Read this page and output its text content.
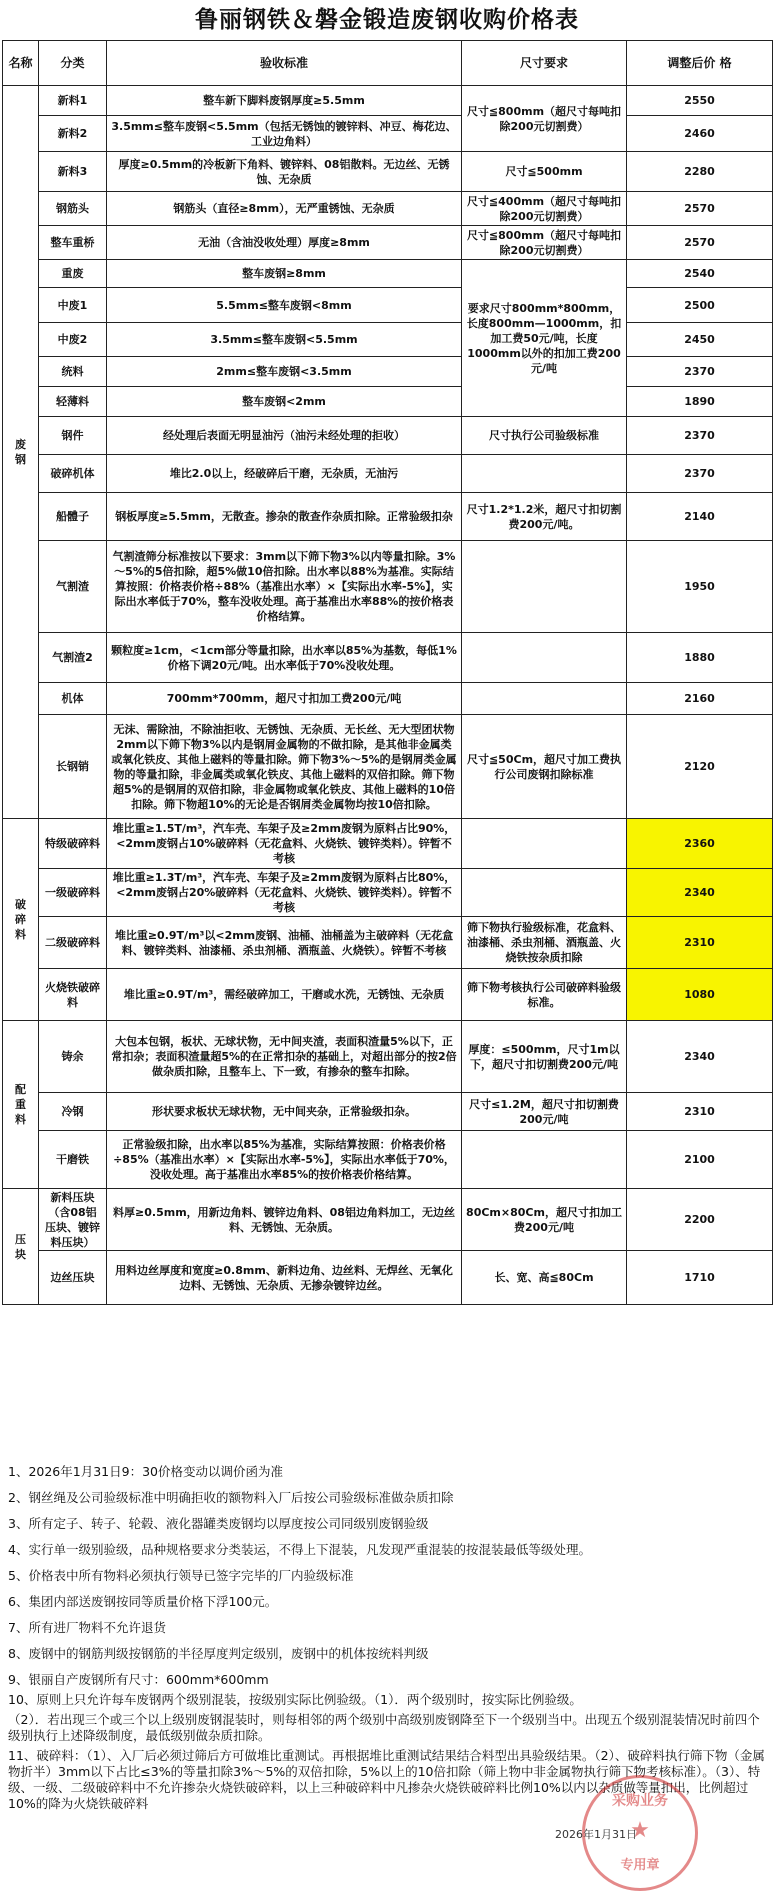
鲁丽钢铁＆磐金锻造废钢收购价格表
名称	分类	验收标准	尺寸要求	调整后价 格

废
钢	新料1	整车新下脚料废钢厚度≥5.5mm	尺寸≦800mm（超尺寸每吨扣除200元切割费）	2550
	新料2	3.5mm≤整车废钢<5.5mm（包括无锈蚀的镀锌料、冲豆、梅花边、工业边角料）		2460
	新料3	厚度≥0.5mm的冷板新下角料、镀锌料、08铝散料。无边丝、无锈蚀、无杂质	尺寸≦500mm	2280
	钢筋头	钢筋头（直径≥8mm），无严重锈蚀、无杂质	尺寸≦400mm（超尺寸每吨扣除200元切割费）	2570
	整车重桥	无油（含油没收处理）厚度≥8mm	尺寸≦800mm（超尺寸每吨扣除200元切割费）	2570
	重废	整车废钢≥8mm	要求尺寸800mm*800mm，长度800mm—1000mm，扣加工费50元/吨，长度1000mm以外的扣加工费200元/吨	2540
	中废1	5.5mm≤整车废钢<8mm		2500
	中废2	3.5mm≤整车废钢<5.5mm		2450
	统料	2mm≤整车废钢<3.5mm		2370
	轻薄料	整车废钢<2mm		1890
	钢件	经处理后表面无明显油污（油污未经处理的拒收）	尺寸执行公司验级标准	2370
	破碎机体	堆比2.0以上，经破碎后干磨，无杂质，无油污		2370
	船體子	钢板厚度≥5.5mm，无散查。掺杂的散查作杂质扣除。正常验级扣杂	尺寸1.2*1.2米，超尺寸扣切割费200元/吨。	2140
	气割渣	气割渣筛分标准按以下要求：3mm以下筛下物3%以内等量扣除。3%～5%的5倍扣除，超5%做10倍扣除。出水率以88%为基准。实际结算按照：价格表价格÷88%（基准出水率）×【实际出水率-5%】，实际出水率低于70%，整车没收处理。高于基准出水率88%的按价格表价格结算。		1950
	气割渣2	颗粒度≥1cm，<1cm部分等量扣除，出水率以85%为基数，每低1%价格下调20元/吨。出水率低于70%没收处理。		1880
	机体	700mm*700mm，超尺寸扣加工费200元/吨		2160
	长钢销	无沫、需除油，不除油拒收、无锈蚀、无杂质、无长丝、无大型团状物2mm以下筛下物3%以内是钢屑金属物的不做扣除，是其他非金属类或氧化铁皮、其他上磁料的等量扣除。筛下物3%～5%的是钢屑类金属物的等量扣除，非金属类或氧化铁皮、其他上磁料的双倍扣除。筛下物超5%的是钢屑的双倍扣除，非金属物或氧化铁皮、其他上磁料的10倍扣除。筛下物超10%的无论是否钢屑类金属物均按10倍扣除。	尺寸≦50Cm，超尺寸加工费执行公司废钢扣除标准	2120

破
碎
料	特级破碎料	堆比重≥1.5T/m³，汽车壳、车架子及≥2mm废钢为原料占比90%，<2mm废钢占10%破碎料（无花盒料、火烧铁、镀锌类料）。锌暂不考核		2360
	一级破碎料	堆比重≥1.3T/m³，汽车壳、车架子及≥2mm废钢为原料占比80%，<2mm废钢占20%破碎料（无花盒料、火烧铁、镀锌类料）。锌暂不考核		2340
	二级破碎料	堆比重≥0.9T/m³以<2mm废钢、油桶、油桶盖为主破碎料（无花盒料、镀锌类料、油漆桶、杀虫剂桶、酒瓶盖、火烧铁）。锌暂不考核	筛下物执行验级标准，花盒料、油漆桶、杀虫剂桶、酒瓶盖、火烧铁按杂质扣除	2310
	火烧铁破碎料	堆比重≥0.9T/m³，需经破碎加工，干磨或水洗，无锈蚀、无杂质	筛下物考核执行公司破碎料验级标准。	1080

配
重
料	铸余	大包本包钢，板状、无球状物，无中间夹渣，表面积渣量5%以下，正常扣杂；表面积渣量超5%的在正常扣杂的基础上，对超出部分的按2倍做杂质扣除，且整车上、下一致，有掺杂的整车扣除。	厚度：≤500mm，尺寸1m以下，超尺寸扣切割费200元/吨	2340
	冷钢	形状要求板状无球状物，无中间夹杂，正常验级扣杂。	尺寸≤1.2M，超尺寸扣切割费200元/吨	2310
	干磨铁	正常验级扣除，出水率以85%为基准，实际结算按照：价格表价格÷85%（基准出水率）×【实际出水率-5%】，实际出水率低于70%，没收处理。高于基准出水率85%的按价格表价格结算。		2100

压
块	新料压块（含08铝压块、镀锌料压块）	料厚≥0.5mm，用新边角料、镀锌边角料、08铝边角料加工，无边丝料、无锈蚀、无杂质。	80Cm×80Cm，超尺寸扣加工费200元/吨	2200
	边丝压块	用料边丝厚度和宽度≥0.8mm、新料边角、边丝料、无焊丝、无氧化边料、无锈蚀、无杂质、无掺杂镀锌边丝。	长、宽、高≦80Cm	1710

1、2026年1月31日9：30价格变动以调价函为准

2、钢丝绳及公司验级标准中明确拒收的额物料入厂后按公司验级标准做杂质扣除

3、所有定子、转子、轮毂、液化器罐类废钢均以厚度按公司同级别废钢验级

4、实行单一级别验级，品种规格要求分类装运，不得上下混装，凡发现严重混装的按混装最低等级处理。

5、价格表中所有物料必须执行领导已签字完毕的厂内验级标准

6、集团内部送废钢按同等质量价格下浮100元。

7、所有进厂物料不允许退货

8、废钢中的钢筋判级按钢筋的半径厚度判定级别，废钢中的机体按统料判级

9、银丽自产废钢所有尺寸：600mm*600mm

10、原则上只允许每车废钢两个级别混装，按级别实际比例验级。（1）．两个级别时，按实际比例验级。

（2）．若出现三个或三个以上级别废钢混装时，则每相邻的两个级别中高级别废钢降至下一个级别当中。出现五个级别混装情况时前四个级别执行上述降级制度，最低级别做杂质扣除。

11、破碎料：（1）、入厂后必须过筛后方可做堆比重测试。再根据堆比重测试结果结合料型出具验级结果。（2）、破碎料执行筛下物（金属物折半）3mm以下占比≤3%的等量扣除3%～5%的双倍扣除，5%以上的10倍扣除（筛上物中非金属物执行筛下物考核标准）。（3）、特级、一级、二级破碎料中不允许掺杂火烧铁破碎料，以上三种破碎料中凡掺杂火烧铁破碎料比例10%以内以杂质做等量扣出，比例超过10%的降为火烧铁破碎料	采购业务
★
专用章
2026年1月31日
